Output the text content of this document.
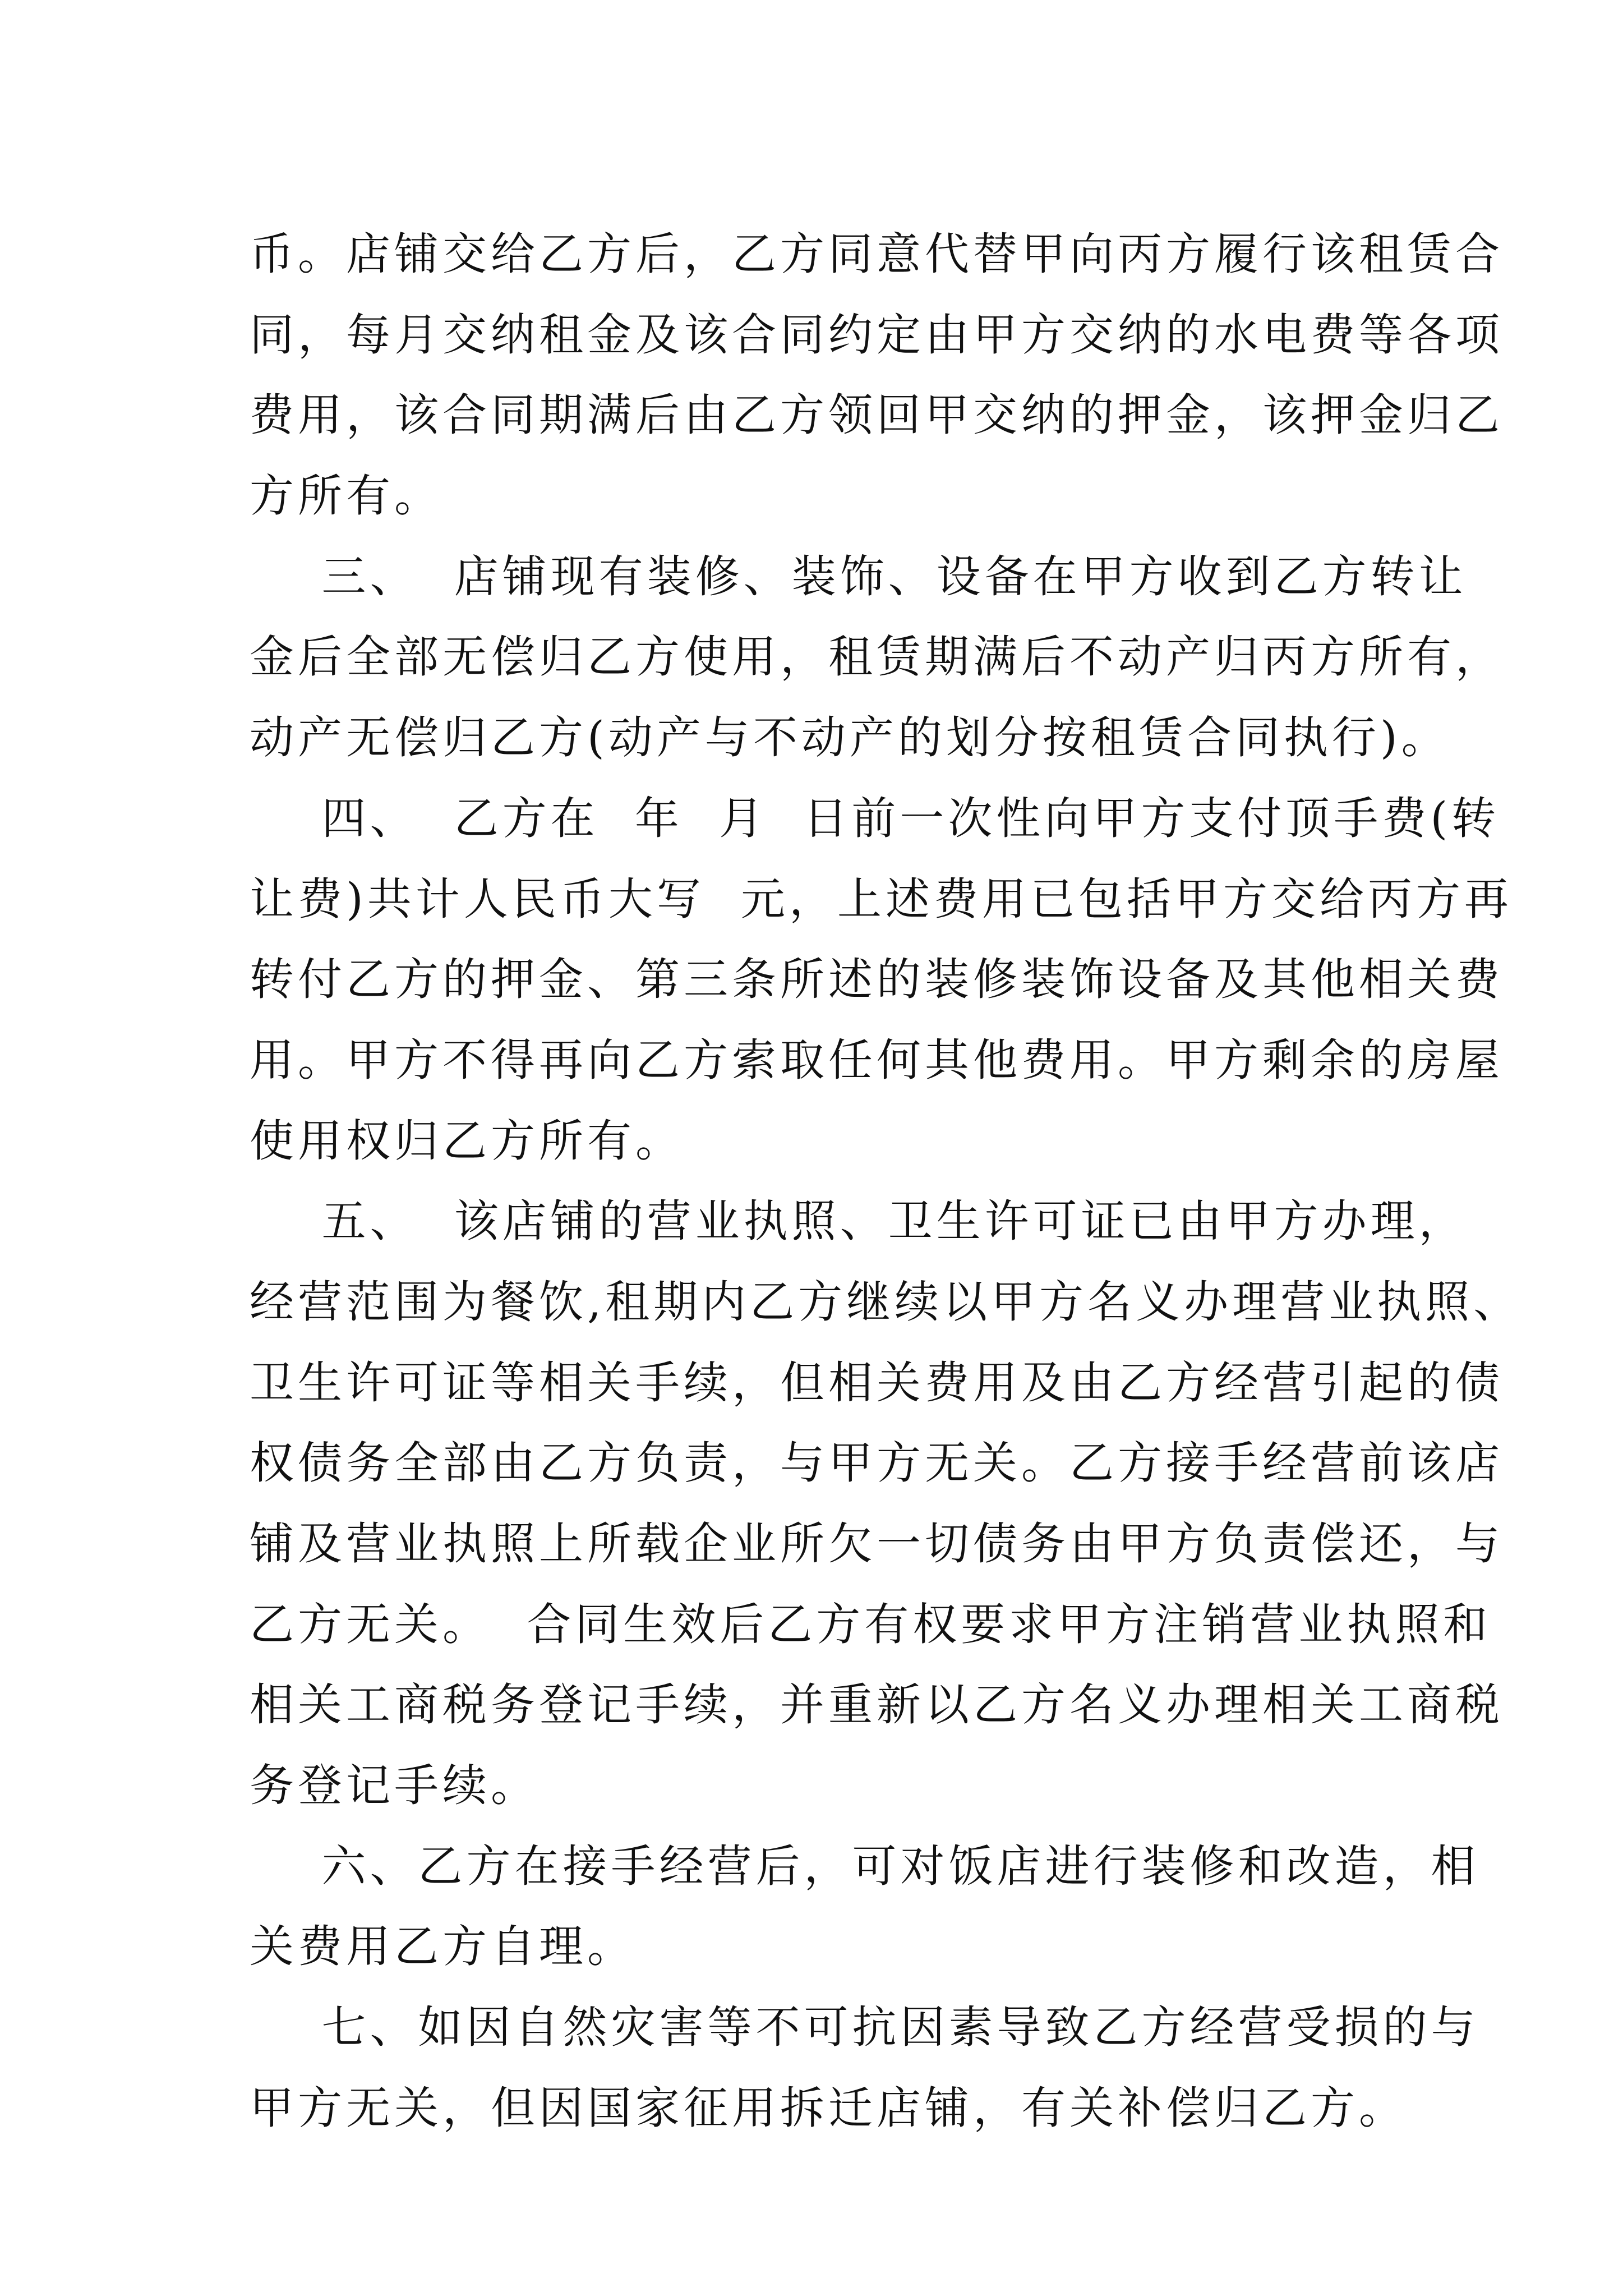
币。店铺交给乙方后，乙方同意代替甲向丙方履行该租赁合
同，每月交纳租金及该合同约定由甲方交纳的水电费等各项
费用，该合同期满后由乙方领回甲交纳的押金，该押金归乙
方所有。
三、  店铺现有装修、装饰、设备在甲方收到乙方转让
金后全部无偿归乙方使用，租赁期满后不动产归丙方所有，
动产无偿归乙方(动产与不动产的划分按租赁合同执行)。
四、  乙方在  年  月  日前一次性向甲方支付顶手费(转
让费)共计人民币大写  元，上述费用已包括甲方交给丙方再
转付乙方的押金、第三条所述的装修装饰设备及其他相关费
用。甲方不得再向乙方索取任何其他费用。甲方剩余的房屋
使用权归乙方所有。
五、  该店铺的营业执照、卫生许可证已由甲方办理，
经营范围为餐饮,租期内乙方继续以甲方名义办理营业执照、
卫生许可证等相关手续，但相关费用及由乙方经营引起的债
权债务全部由乙方负责，与甲方无关。乙方接手经营前该店
铺及营业执照上所载企业所欠一切债务由甲方负责偿还，与
乙方无关。  合同生效后乙方有权要求甲方注销营业执照和
相关工商税务登记手续，并重新以乙方名义办理相关工商税
务登记手续。
六、乙方在接手经营后，可对饭店进行装修和改造，相
关费用乙方自理。
七、如因自然灾害等不可抗因素导致乙方经营受损的与
甲方无关，但因国家征用拆迁店铺，有关补偿归乙方。
